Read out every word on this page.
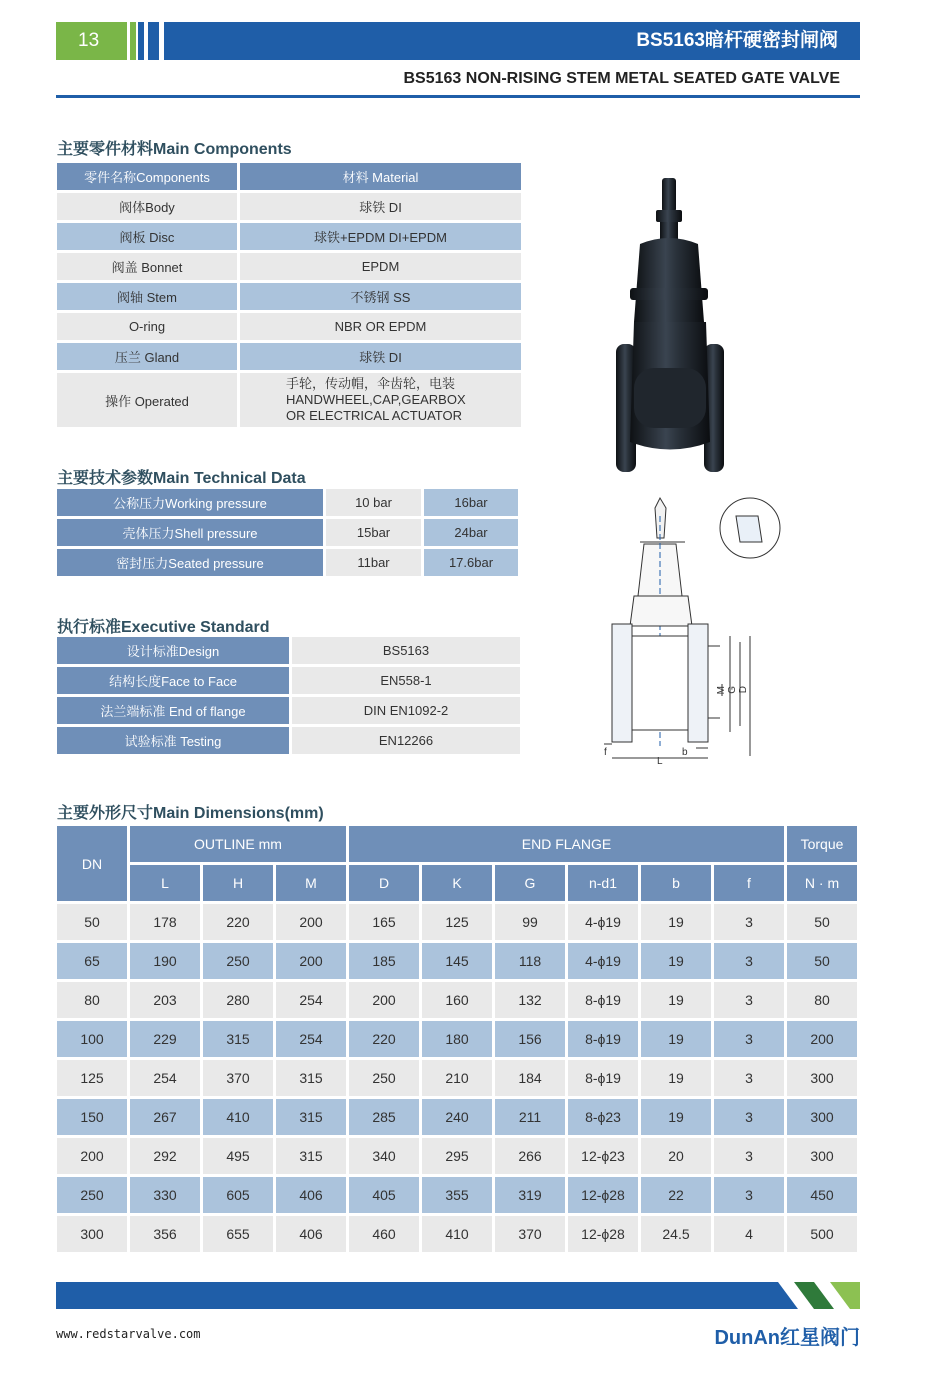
13	BS5163暗杆硬密封闸阀
BS5163 NON-RISING STEM METAL SEATED GATE VALVE
主要零件材料Main Components
零件名称Components	材料 Material
阀体Body	球铁 DI
阀板 Disc	球铁+EPDM DI+EPDM
阀盖 Bonnet	EPDM
阀轴 Stem	不锈钢 SS
O-ring	NBR OR EPDM
压兰 Gland	球铁 DI
操作 Operated	手轮，传动帽，伞齿轮，电装
HANDWHEEL,CAP,GEARBOX
OR ELECTRICAL ACTUATOR
主要技术参数Main Technical Data
公称压力Working pressure	10 bar	16bar
壳体压力Shell pressure	15bar	24bar
密封压力Seated pressure	11bar	17.6bar
执行标准Executive Standard
设计标准Design	BS5163
结构长度Face to Face	EN558-1
法兰端标准 End of flange	DIN EN1092-2
试验标准 Testing	EN12266
M G D
L
b
f
主要外形尺寸Main Dimensions(mm)
DN	OUTLINE mm			END FLANGE						Torque
	L	H	M	D	K	G	n-d1	b	f	N · m
50	178	220	200	165	125	99	4-ϕ19	19	3	50
65	190	250	200	185	145	118	4-ϕ19	19	3	50
80	203	280	254	200	160	132	8-ϕ19	19	3	80
100	229	315	254	220	180	156	8-ϕ19	19	3	200
125	254	370	315	250	210	184	8-ϕ19	19	3	300
150	267	410	315	285	240	211	8-ϕ23	19	3	300
200	292	495	315	340	295	266	12-ϕ23	20	3	300
250	330	605	406	405	355	319	12-ϕ28	22	3	450
300	356	655	406	460	410	370	12-ϕ28	24.5	4	500
www.redstarvalve.com	DunAn红星阀门
